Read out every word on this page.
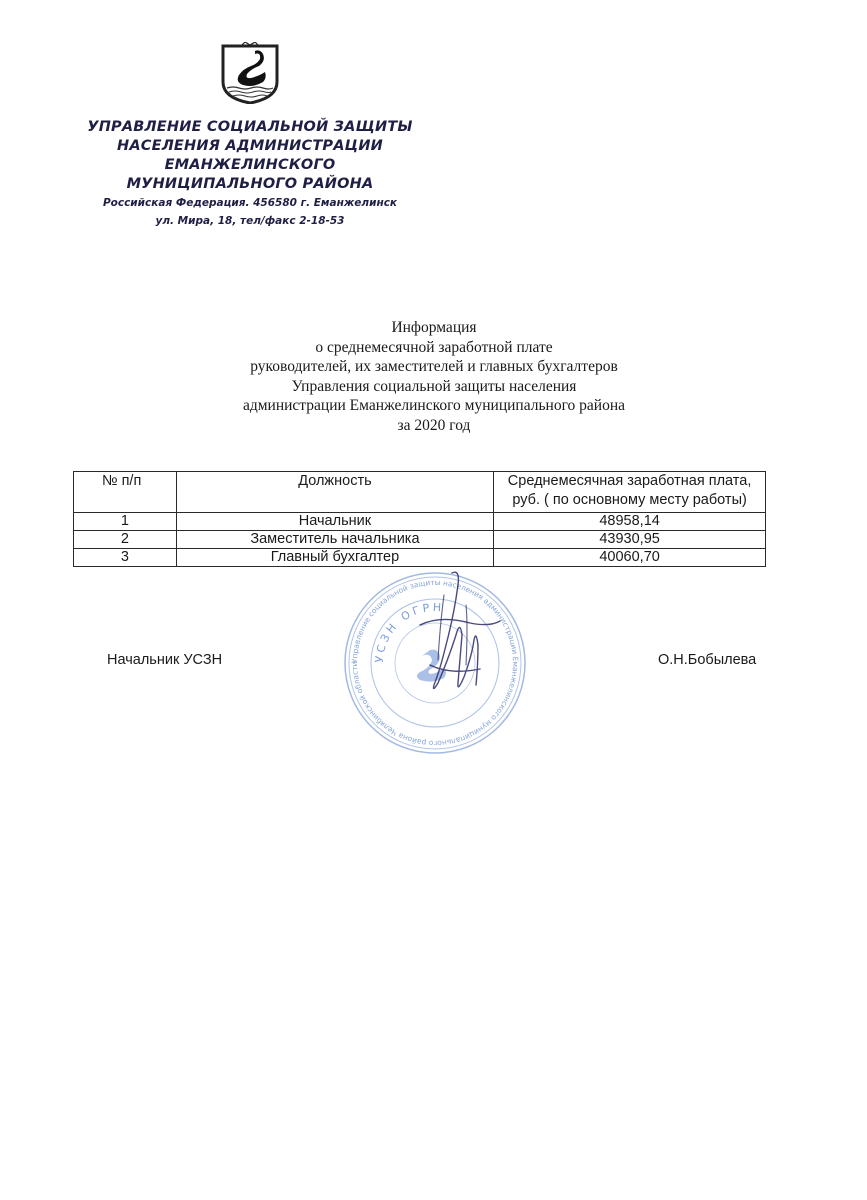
УПРАВЛЕНИЕ СОЦИАЛЬНОЙ ЗАЩИТЫ
НАСЕЛЕНИЯ АДМИНИСТРАЦИИ
ЕМАНЖЕЛИНСКОГО
МУНИЦИПАЛЬНОГО РАЙОНА
Российская Федерация. 456580 г. Еманжелинск
ул. Мира, 18, тел/факс 2-18-53
Информация
о среднемесячной заработной плате
руководителей, их заместителей и главных бухгалтеров
Управления социальной защиты населения
администрации Еманжелинского муниципального района
за 2020 год
№ п/п	Должность	Среднемесячная заработная плата,
руб. ( по основному месту работы)
1	Начальник	48958,14
2	Заместитель начальника	43930,95
3	Главный бухгалтер	40060,70
Управление социальной защиты населения администрации Еманжелинского муниципального района Челябинской области
УСЗН ОГРН
Начальник УСЗН	О.Н.Бобылева
